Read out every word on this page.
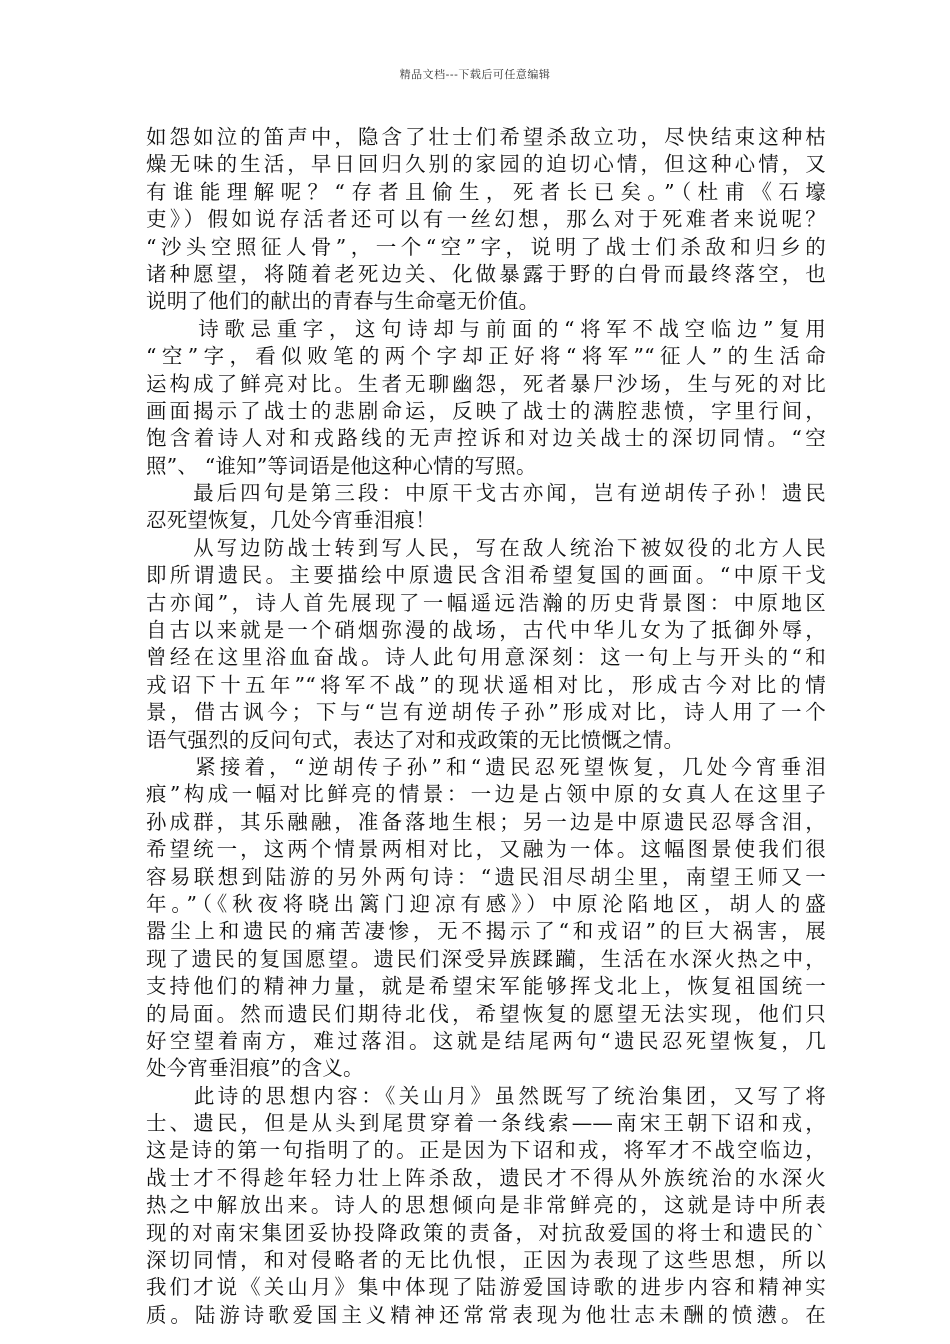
精品文档---下载后可任意编辑
如怨如泣的笛声中，隐含了壮士们希望杀敌立功，尽快结束这种枯
燥无味的生活，早日回归久别的家园的迫切心情，但这种心情，又
有谁能理解呢？“存者且偷生，死者长已矣。”（杜甫《石壕
吏》）假如说存活者还可以有一丝幻想，那么对于死难者来说呢？
“沙头空照征人骨”，一个“空”字，说明了战士们杀敌和归乡的
诸种愿望，将随着老死边关、化做暴露于野的白骨而最终落空，也
说明了他们的献出的青春与生命毫无价值。
　　诗歌忌重字，这句诗却与前面的“将军不战空临边”复用
“空”字，看似败笔的两个字却正好将“将军”“征人”的生活命
运构成了鲜亮对比。生者无聊幽怨，死者暴尸沙场，生与死的对比
画面揭示了战士的悲剧命运，反映了战士的满腔悲愤，字里行间，
饱含着诗人对和戎路线的无声控诉和对边关战士的深切同情。“空
照”、 “谁知”等词语是他这种心情的写照。
　　最后四句是第三段：中原干戈古亦闻，岂有逆胡传子孙！遗民
忍死望恢复，几处今宵垂泪痕！
　　从写边防战士转到写人民，写在敌人统治下被奴役的北方人民
即所谓遗民。主要描绘中原遗民含泪希望复国的画面。“中原干戈
古亦闻”，诗人首先展现了一幅遥远浩瀚的历史背景图：中原地区
自古以来就是一个硝烟弥漫的战场，古代中华儿女为了抵御外辱，
曾经在这里浴血奋战。诗人此句用意深刻：这一句上与开头的“和
戎诏下十五年”“将军不战”的现状遥相对比，形成古今对比的情
景，借古讽今；下与“岂有逆胡传子孙”形成对比，诗人用了一个
语气强烈的反问句式，表达了对和戎政策的无比愤慨之情。
　　紧接着，“逆胡传子孙”和“遗民忍死望恢复，几处今宵垂泪
痕”构成一幅对比鲜亮的情景：一边是占领中原的女真人在这里子
孙成群，其乐融融，准备落地生根；另一边是中原遗民忍辱含泪，
希望统一，这两个情景两相对比，又融为一体。这幅图景使我们很
容易联想到陆游的另外两句诗：“遗民泪尽胡尘里，南望王师又一
年。”（《秋夜将晓出篱门迎凉有感》）中原沦陷地区，胡人的盛
嚣尘上和遗民的痛苦凄惨，无不揭示了“和戎诏”的巨大祸害，展
现了遗民的复国愿望。遗民们深受异族蹂躏，生活在水深火热之中，
支持他们的精神力量，就是希望宋军能够挥戈北上，恢复祖国统一
的局面。然而遗民们期待北伐，希望恢复的愿望无法实现，他们只
好空望着南方，难过落泪。这就是结尾两句“遗民忍死望恢复，几
处今宵垂泪痕”的含义。
　　此诗的思想内容：《关山月》虽然既写了统治集团，又写了将
士、遗民，但是从头到尾贯穿着一条线索——南宋王朝下诏和戎，
这是诗的第一句指明了的。正是因为下诏和戎，将军才不战空临边，
战士才不得趁年轻力壮上阵杀敌，遗民才不得从外族统治的水深火
热之中解放出来。诗人的思想倾向是非常鲜亮的，这就是诗中所表
现的对南宋集团妥协投降政策的责备，对抗敌爱国的将士和遗民的`
深切同情，和对侵略者的无比仇恨，正因为表现了这些思想，所以
我们才说《关山月》集中体现了陆游爱国诗歌的进步内容和精神实
质。陆游诗歌爱国主义精神还常常表现为他壮志未酬的愤懑。在
